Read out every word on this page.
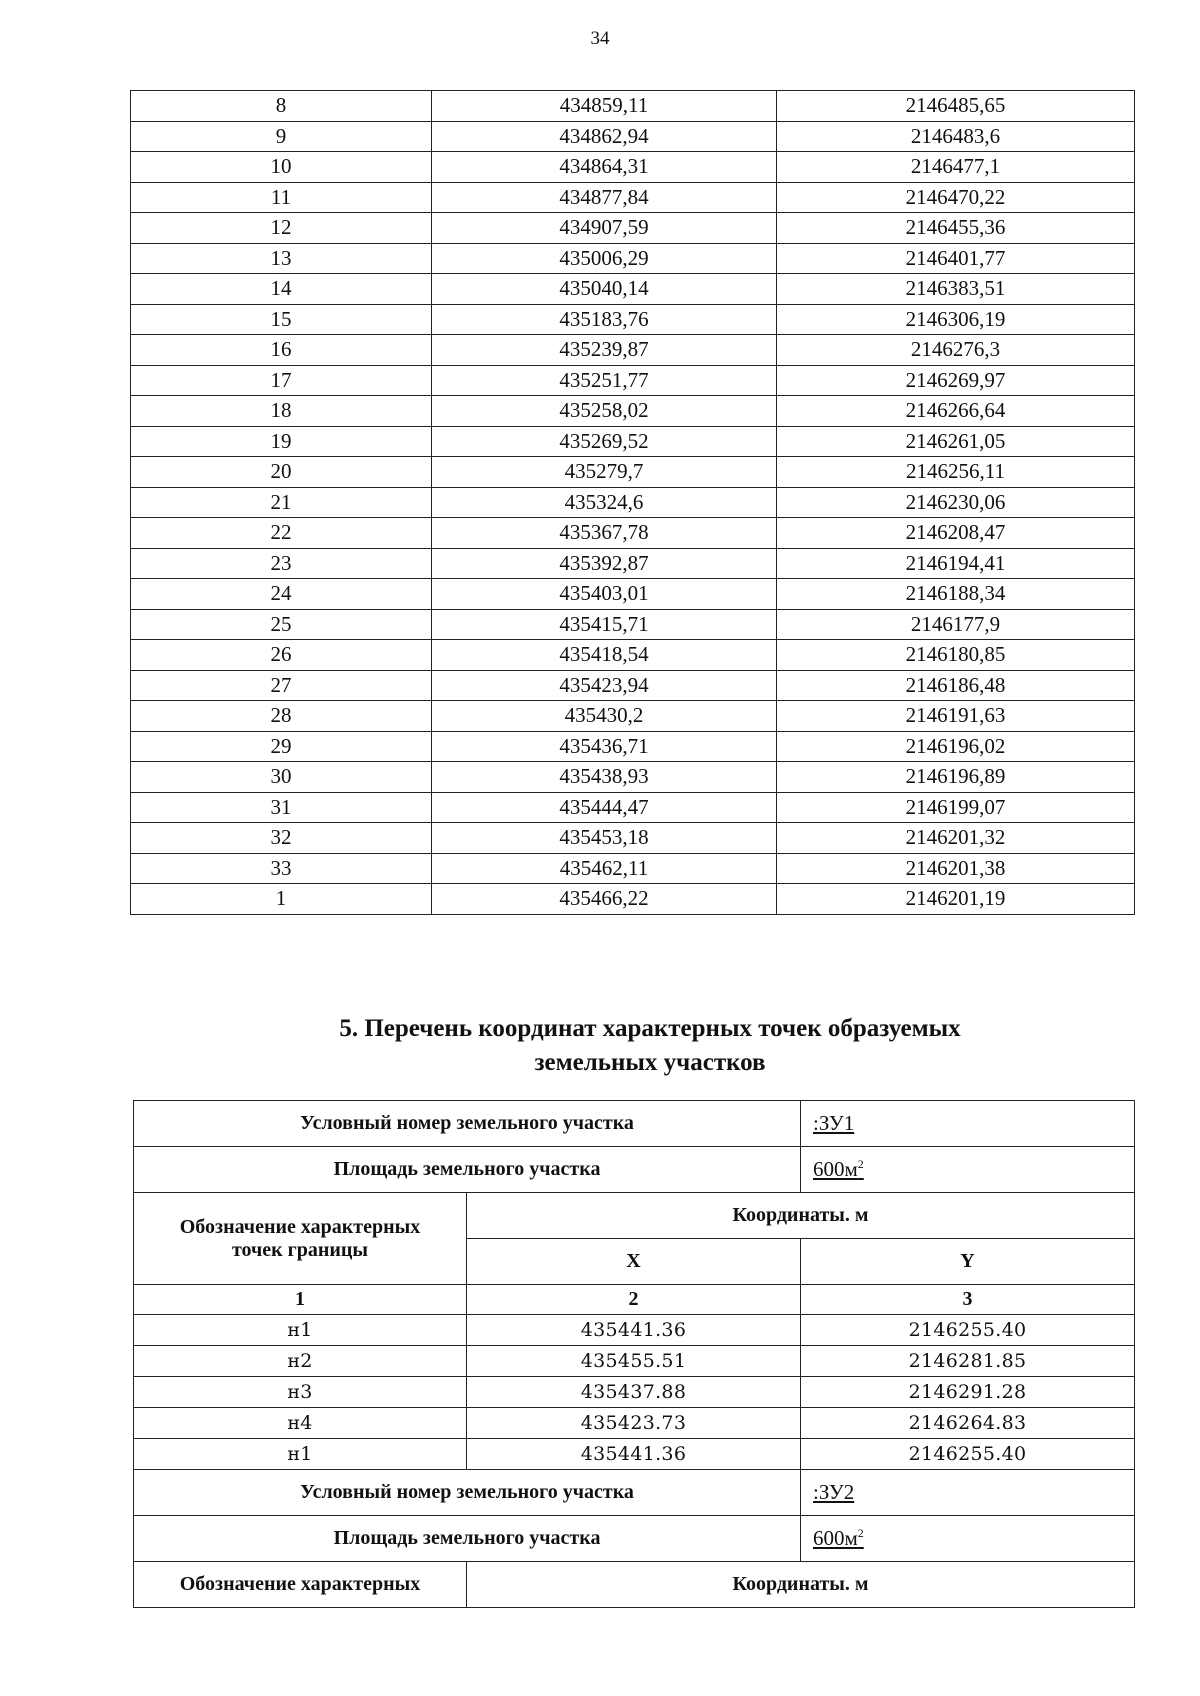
34
8	434859,11	2146485,65
9	434862,94	2146483,6
10	434864,31	2146477,1
11	434877,84	2146470,22
12	434907,59	2146455,36
13	435006,29	2146401,77
14	435040,14	2146383,51
15	435183,76	2146306,19
16	435239,87	2146276,3
17	435251,77	2146269,97
18	435258,02	2146266,64
19	435269,52	2146261,05
20	435279,7	2146256,11
21	435324,6	2146230,06
22	435367,78	2146208,47
23	435392,87	2146194,41
24	435403,01	2146188,34
25	435415,71	2146177,9
26	435418,54	2146180,85
27	435423,94	2146186,48
28	435430,2	2146191,63
29	435436,71	2146196,02
30	435438,93	2146196,89
31	435444,47	2146199,07
32	435453,18	2146201,32
33	435462,11	2146201,38
1	435466,22	2146201,19
5. Перечень координат характерных точек образуемых
земельных участков
Условный номер земельного участка		:ЗУ1
Площадь земельного участка		$600м^2$
Обозначение характерных точек границы	Координаты. м	
	X	Y
1	2	3
н1	435441.36	2146255.40
н2	435455.51	2146281.85
н3	435437.88	2146291.28
н4	435423.73	2146264.83
н1	435441.36	2146255.40
Условный номер земельного участка		:ЗУ2
Площадь земельного участка		$600м^2$
Обозначение характерных	Координаты. м	
